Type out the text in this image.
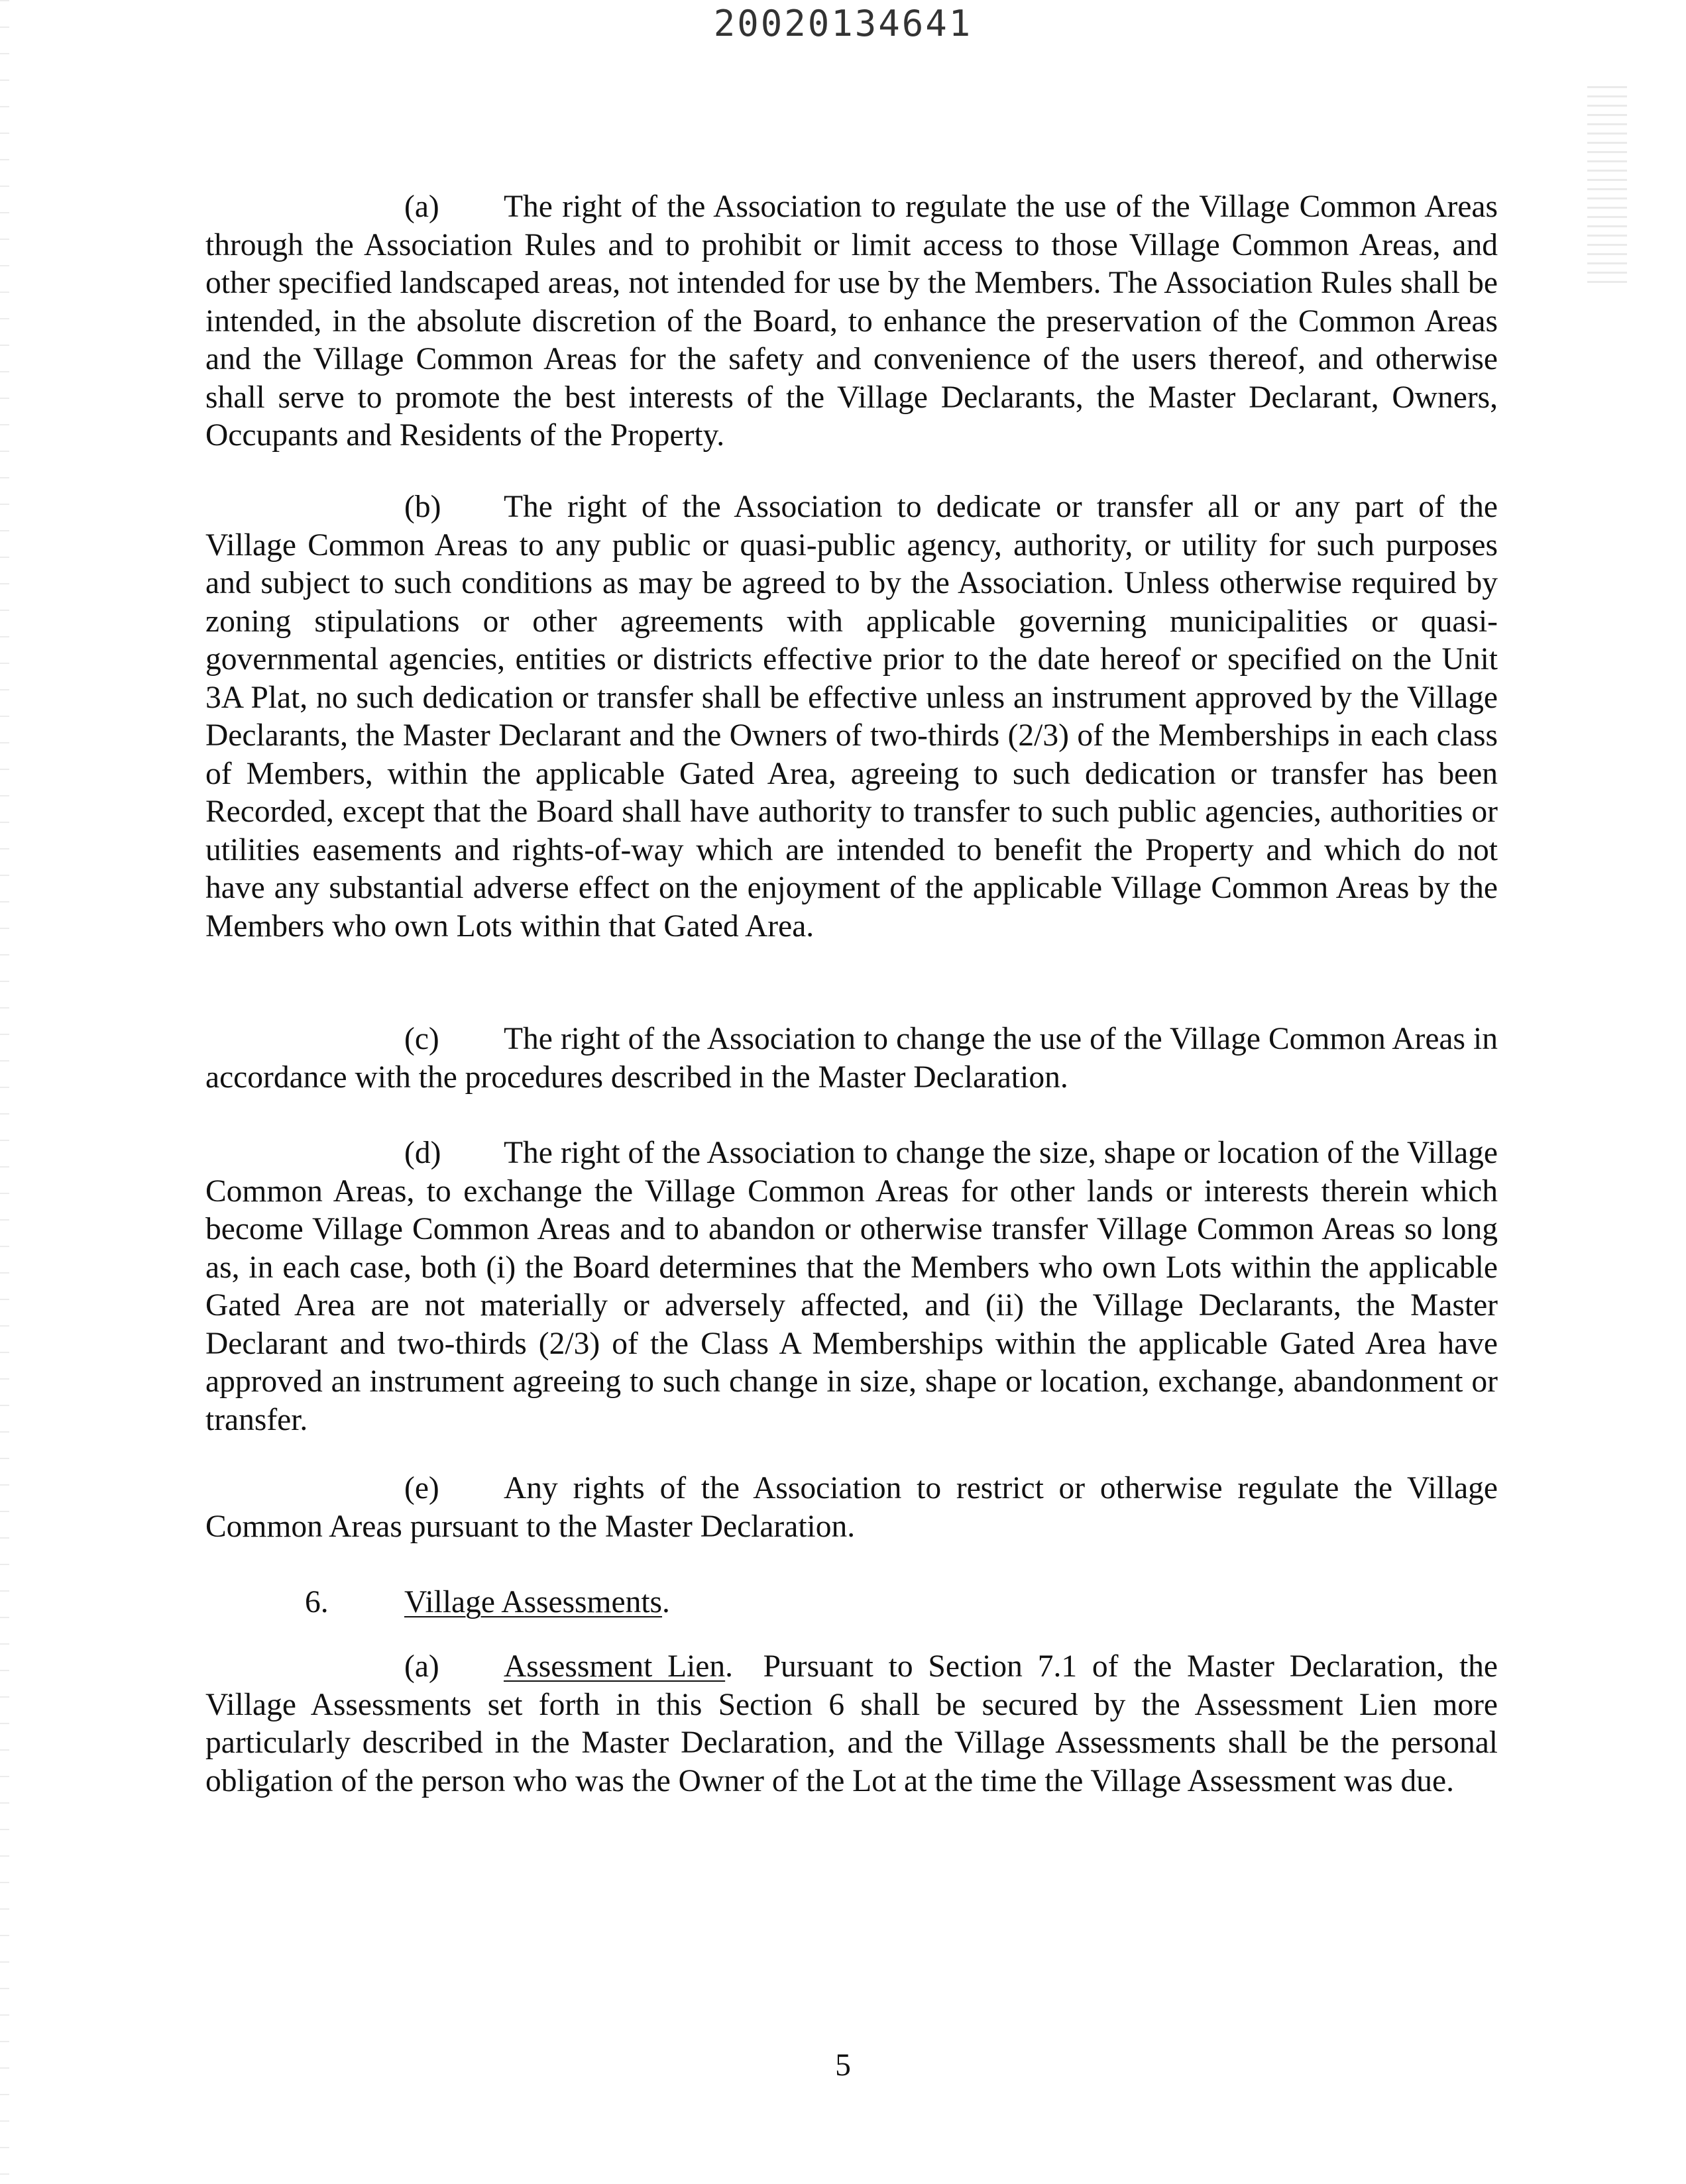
20020134641

(a) The right of the Association to regulate the use of the Village Common Areas through the Association Rules and to prohibit or limit access to those Village Common Areas, and other specified landscaped areas, not intended for use by the Members. The Association Rules shall be intended, in the absolute discretion of the Board, to enhance the preservation of the Common Areas and the Village Common Areas for the safety and convenience of the users thereof, and otherwise shall serve to promote the best interests of the Village Declarants, the Master Declarant, Owners, Occupants and Residents of the Property.

(b) The right of the Association to dedicate or transfer all or any part of the Village Common Areas to any public or quasi-public agency, authority, or utility for such purposes and subject to such conditions as may be agreed to by the Association. Unless otherwise required by zoning stipulations or other agreements with applicable governing municipalities or quasi-governmental agencies, entities or districts effective prior to the date hereof or specified on the Unit 3A Plat, no such dedication or transfer shall be effective unless an instrument approved by the Village Declarants, the Master Declarant and the Owners of two-thirds (2/3) of the Memberships in each class of Members, within the applicable Gated Area, agreeing to such dedication or transfer has been Recorded, except that the Board shall have authority to transfer to such public agencies, authorities or utilities easements and rights-of-way which are intended to benefit the Property and which do not have any substantial adverse effect on the enjoyment of the applicable Village Common Areas by the Members who own Lots within that Gated Area.

(c) The right of the Association to change the use of the Village Common Areas in accordance with the procedures described in the Master Declaration.

(d) The right of the Association to change the size, shape or location of the Village Common Areas, to exchange the Village Common Areas for other lands or interests therein which become Village Common Areas and to abandon or otherwise transfer Village Common Areas so long as, in each case, both (i) the Board determines that the Members who own Lots within the applicable Gated Area are not materially or adversely affected, and (ii) the Village Declarants, the Master Declarant and two-thirds (2/3) of the Class A Memberships within the applicable Gated Area have approved an instrument agreeing to such change in size, shape or location, exchange, abandonment or transfer.

(e) Any rights of the Association to restrict or otherwise regulate the Village Common Areas pursuant to the Master Declaration.

6. Village Assessments.

(a) Assessment Lien. Pursuant to Section 7.1 of the Master Declaration, the Village Assessments set forth in this Section 6 shall be secured by the Assessment Lien more particularly described in the Master Declaration, and the Village Assessments shall be the personal obligation of the person who was the Owner of the Lot at the time the Village Assessment was due.

5
